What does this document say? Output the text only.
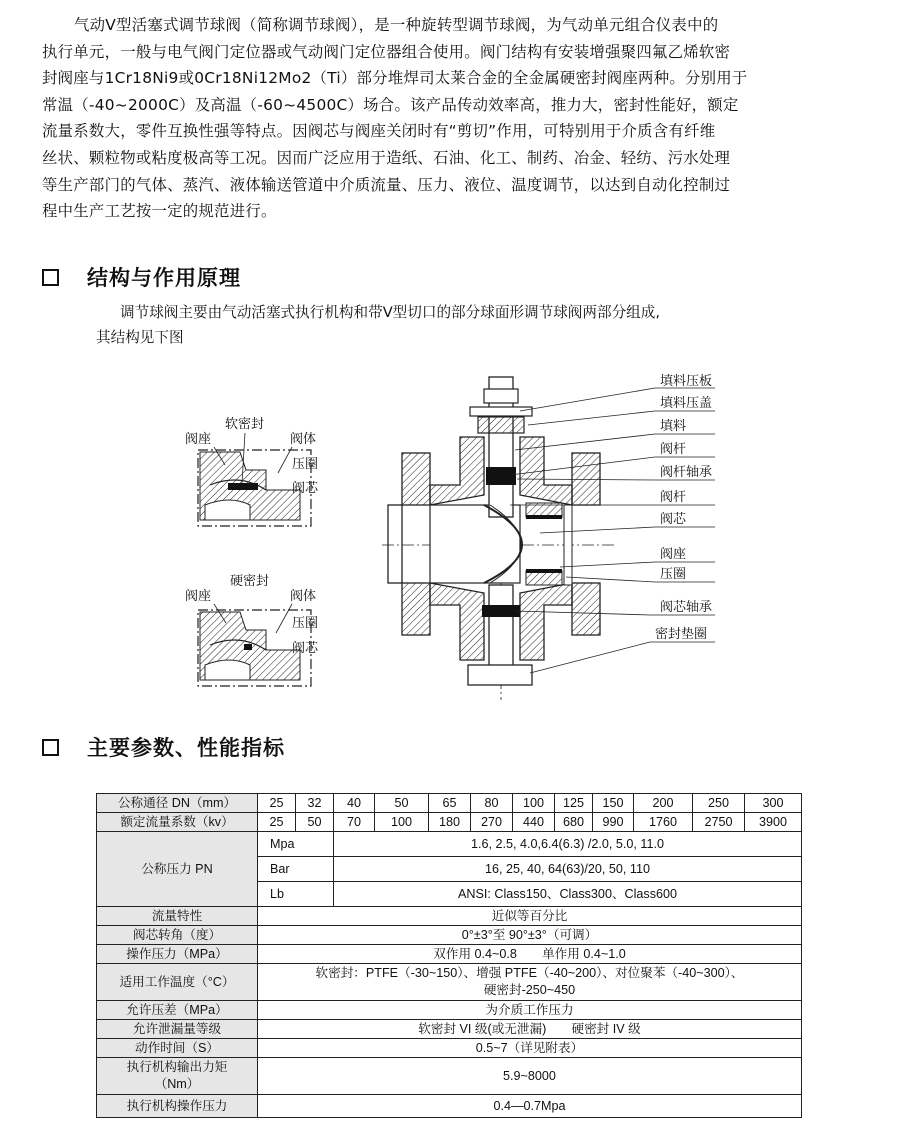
气动V型活塞式调节球阀（简称调节球阀），是一种旋转型调节球阀，为气动单元组合仪表中的
执行单元，一般与电气阀门定位器或气动阀门定位器组合使用。阀门结构有安装增强聚四氟乙烯软密
封阀座与1Cr18Ni9或0Cr18Ni12Mo2（Ti）部分堆焊司太莱合金的全金属硬密封阀座两种。分别用于
常温（-40~2000C）及高温（-60~4500C）场合。该产品传动效率高，推力大，密封性能好，额定
流量系数大，零件互换性强等特点。因阀芯与阀座关闭时有“剪切”作用，可特别用于介质含有纤维
丝状、颗粒物或粘度极高等工况。因而广泛应用于造纸、石油、化工、制药、冶金、轻纺、污水处理
等生产部门的气体、蒸汽、液体输送管道中介质流量、压力、液位、温度调节，以达到自动化控制过
程中生产工艺按一定的规范进行。
结构与作用原理
调节球阀主要由气动活塞式执行机构和带V型切口的部分球面形调节球阀两部分组成,
其结构见下图
软密封
阀座	阀体
压圈
阀芯
硬密封
阀座	阀体
压圈
阀芯
填料压板
填料压盖
填料
阀杆
阀杆轴承
阀杆
阀芯
阀座
压圈
阀芯轴承
密封垫圈
主要参数、性能指标
公称通径 DN（mm）	25	32	40	50	65	80	100	125	150	200	250	300
额定流量系数（kv）	25	50	70	100	180	270	440	680	990	1760	2750	3900
公称压力 PN	Mpa		1.6, 2.5, 4.0,6.4(6.3) /2.0, 5.0, 11.0									
	Bar		16, 25, 40, 64(63)/20, 50, 110									
	Lb		ANSI: Class150、Class300、Class600									
流量特性	近似等百分比											
阀芯转角（度）	0°±3°至 90°±3°（可调）											
操作压力（MPa）	双作用 0.4~0.8　　单作用 0.4~1.0											
适用工作温度（°C）	软密封：PTFE（-30~150）、增强 PTFE（-40~200）、对位聚苯（-40~300）、
硬密封-250~450											

允许压差（MPa）	为介质工作压力											
允许泄漏量等级	软密封 VI 级(或无泄漏)　　硬密封 IV 级											
动作时间（S）	0.5~7（详见附表）											

执行机构输出力矩
（Nm）	5.9~8000											
执行机构操作压力	0.4—0.7Mpa											
